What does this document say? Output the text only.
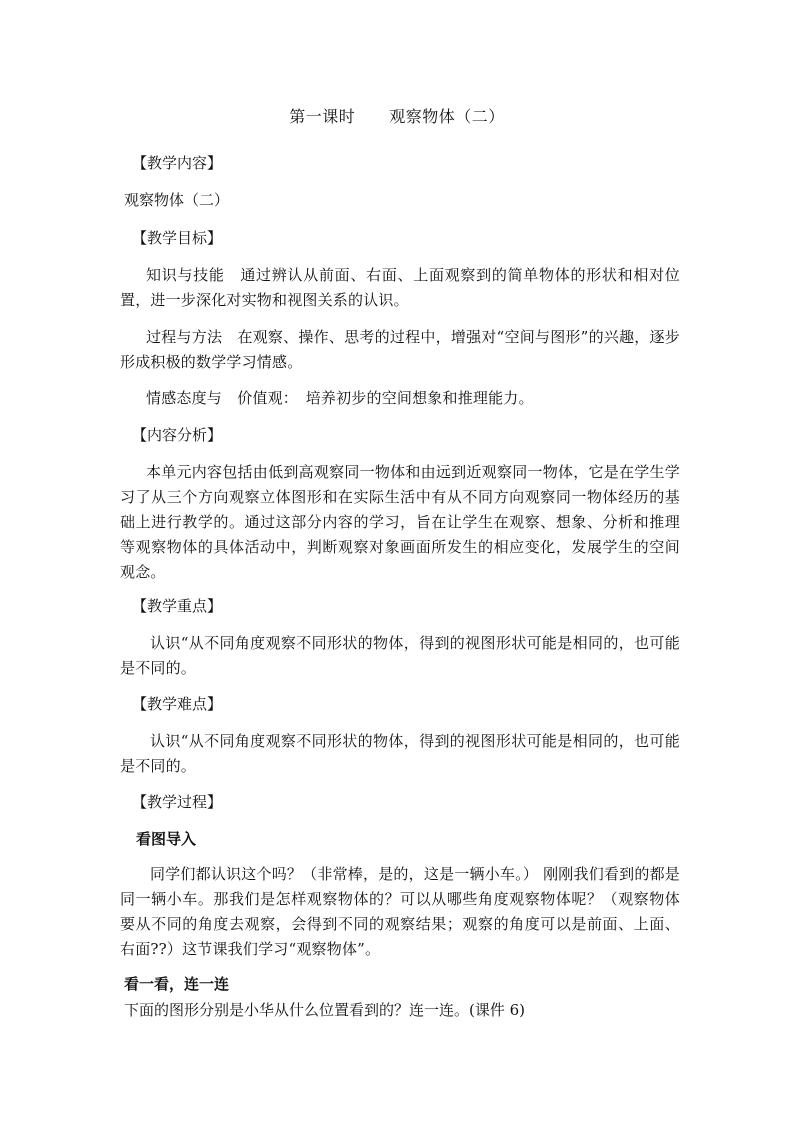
第一课时 观察物体（二）

【教学内容】

观察物体（二）

【教学目标】

知识与技能　通过辨认从前面、右面、上面观察到的简单物体的形状和相对位置，进一步深化对实物和视图关系的认识。

过程与方法　在观察、操作、思考的过程中，增强对“空间与图形”的兴趣，逐步形成积极的数学学习情感。

情感态度与　价值观：　培养初步的空间想象和推理能力。

【内容分析】

本单元内容包括由低到高观察同一物体和由远到近观察同一物体，它是在学生学习了从三个方向观察立体图形和在实际生活中有从不同方向观察同一物体经历的基础上进行教学的。通过这部分内容的学习，旨在让学生在观察、想象、分析和推理等观察物体的具体活动中，判断观察对象画面所发生的相应变化，发展学生的空间观念。

【教学重点】

认识“从不同角度观察不同形状的物体，得到的视图形状可能是相同的，也可能是不同的。

【教学难点】

认识“从不同角度观察不同形状的物体，得到的视图形状可能是相同的，也可能是不同的。

【教学过程】

看图导入

同学们都认识这个吗？（非常棒，是的，这是一辆小车。） 刚刚我们看到的都是同一辆小车。那我们是怎样观察物体的？可以从哪些角度观察物体呢？（观察物体要从不同的角度去观察，会得到不同的观察结果；观察的角度可以是前面、上面、右面??）这节课我们学习“观察物体”。

看一看，连一连

下面的图形分别是小华从什么位置看到的？连一连。(课件 6)
